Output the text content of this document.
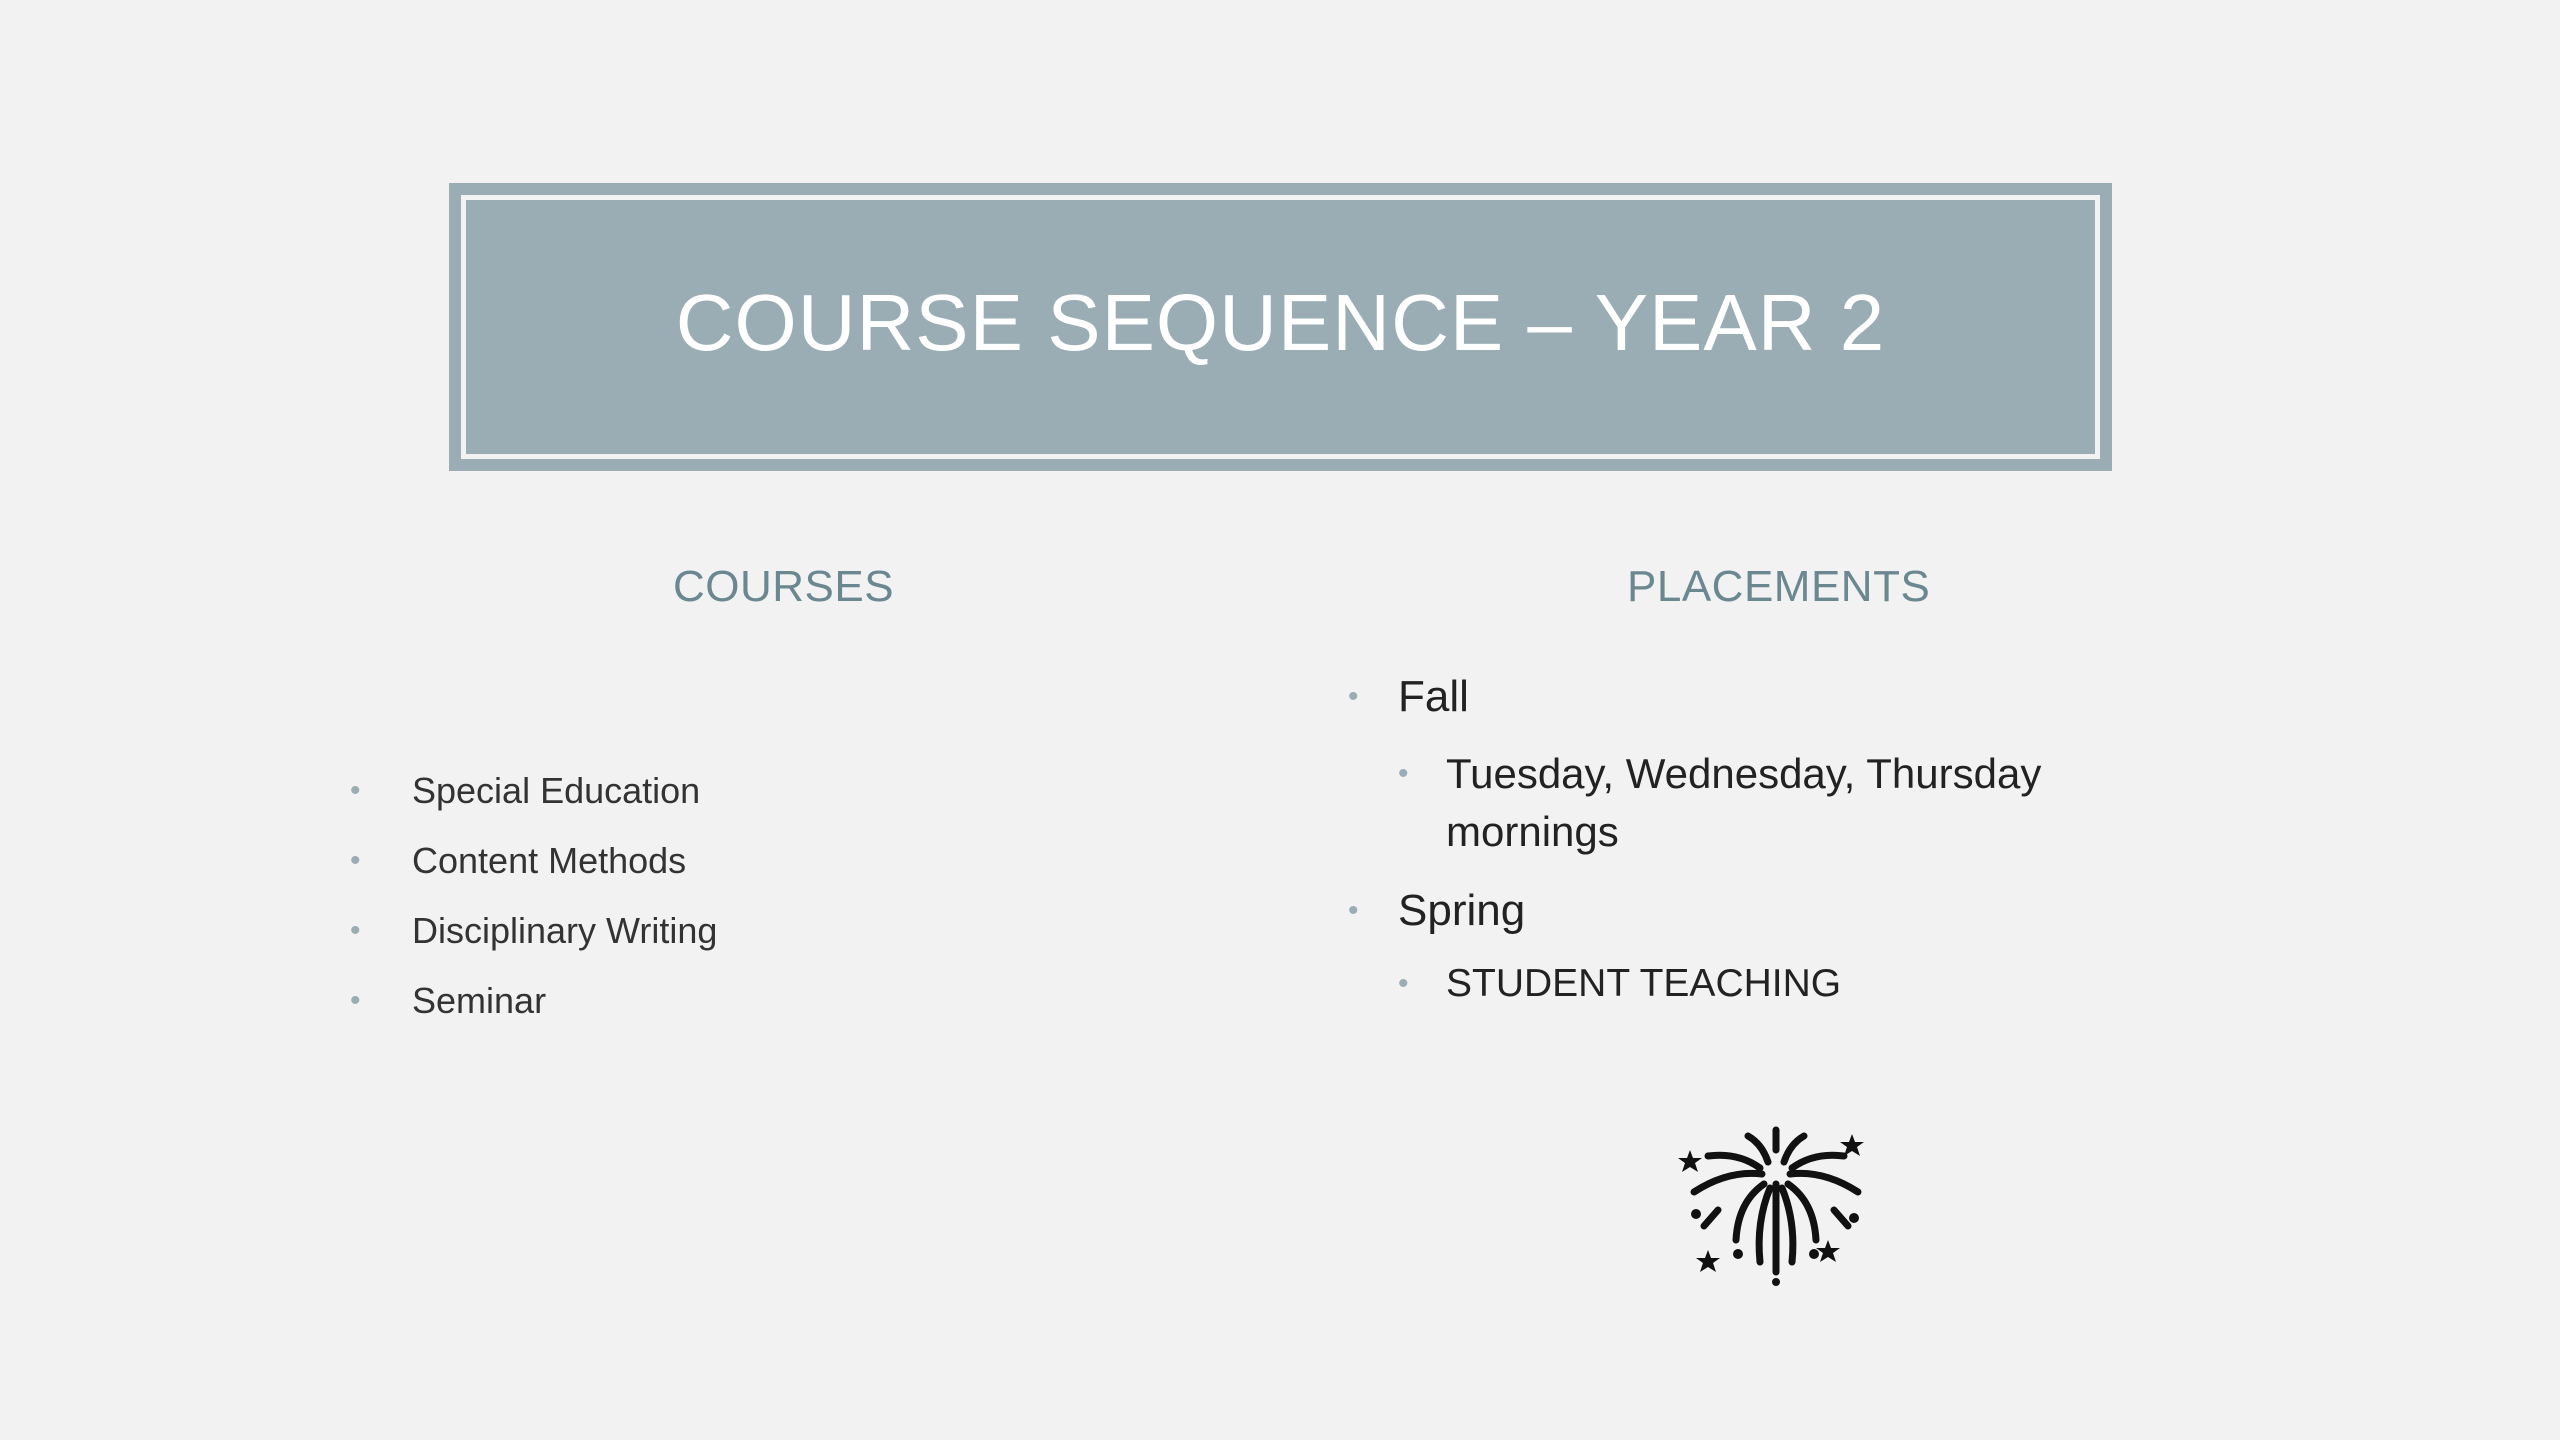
COURSE SEQUENCE – YEAR 2
COURSES	PLACEMENTS
• Special Education
• Content Methods
• Disciplinary Writing
• Seminar
• Fall
• Tuesday, Wednesday, Thursday mornings
• Spring
• STUDENT TEACHING
